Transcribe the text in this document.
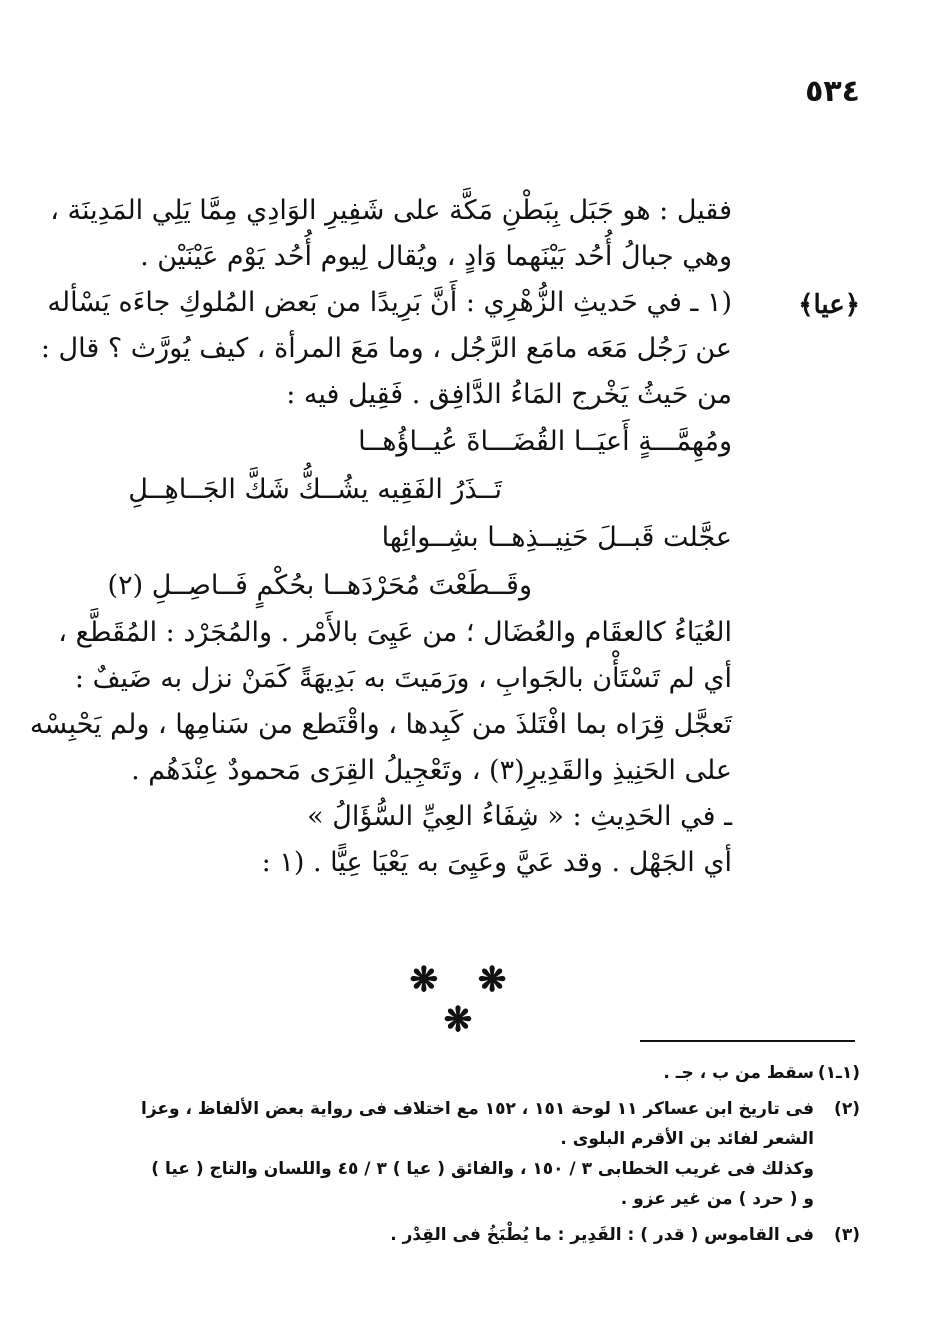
٥٣٤
﴿عيا﴾
فقيل : هو جَبَل بِبَطْنِ مَكَّة على شَفِيرِ الوَادِي مِمَّا يَلِي المَدِينَة ،
وهي جبالُ أُحُد بَيْنَهما وَادٍ ، ويُقال لِيوم أُحُد يَوْم عَيْنَيْن .
(١ ـ في حَديثِ الزُّهْرِي : أَنَّ بَرِيدًا من بَعض المُلوكِ جاءَه يَسْأله
عن رَجُل مَعَه مامَع الرَّجُل ، وما مَعَ المرأة ، كيف يُورَّث ؟ قال :
من حَيثُ يَخْرج المَاءُ الدَّافِق . فَقِيل فيه :
ومُهِمَّـــةٍ أَعيَــا القُضَـــاةَ عُيــاؤُهــا
تَــذَرُ الفَقِيه يشُــكُّ شَكَّ الجَــاهِــلِ
عجَّلت قَبــلَ حَنِيــذِهــا بشِــوائِها
وقَــطَعْتَ مُحَرْدَهــا بحُكْمٍ فَــاصِــلِ (٢)
العُيَاءُ كالعقَام والعُضَال ؛ من عَيِىَ بالأَمْر . والمُجَرْد : المُقَطَّع ،
أي لم تَسْتَأْن بالجَوابِ ، ورَمَيتَ به بَدِيهَةً كَمَنْ نزل به ضَيفٌ :
تَعجَّل قِرَاه بما افْتَلذَ من كَبِدها ، واقْتَطع من سَنامِها ، ولم يَحْبِسْه
على الحَنِيذِ والقَدِيرِ(٣) ، وتَعْجِيلُ القِرَى مَحمودٌ عِنْدَهُم .
ـ في الحَدِيثِ : « شِفَاءُ العِيِّ السُّؤَالُ »
أي الجَهْل . وقد عَيَّ وعَيِىَ به يَعْيَا عِيًّا . (١ :
❋ ❋ ❋
(١ـ١)
سقط من ب ، جـ .
(٢)
فى تاريخ ابن عساكر ١١ لوحة ١٥١ ، ١٥٢ مع اختلاف فى رواية بعض الألفاظ ، وعزا
الشعر لفائد بن الأقرم البلوى .
وكذلك فى غريب الخطابى ٣ / ١٥٠ ، والفائق ( عيا ) ٣ / ٤٥ واللسان والتاج ( عيا )
و ( حرد ) من غير عزو .
(٣)
فى القاموس ( قدر ) : القَدِير : ما يُطْبَخُ فى القِدْر .
